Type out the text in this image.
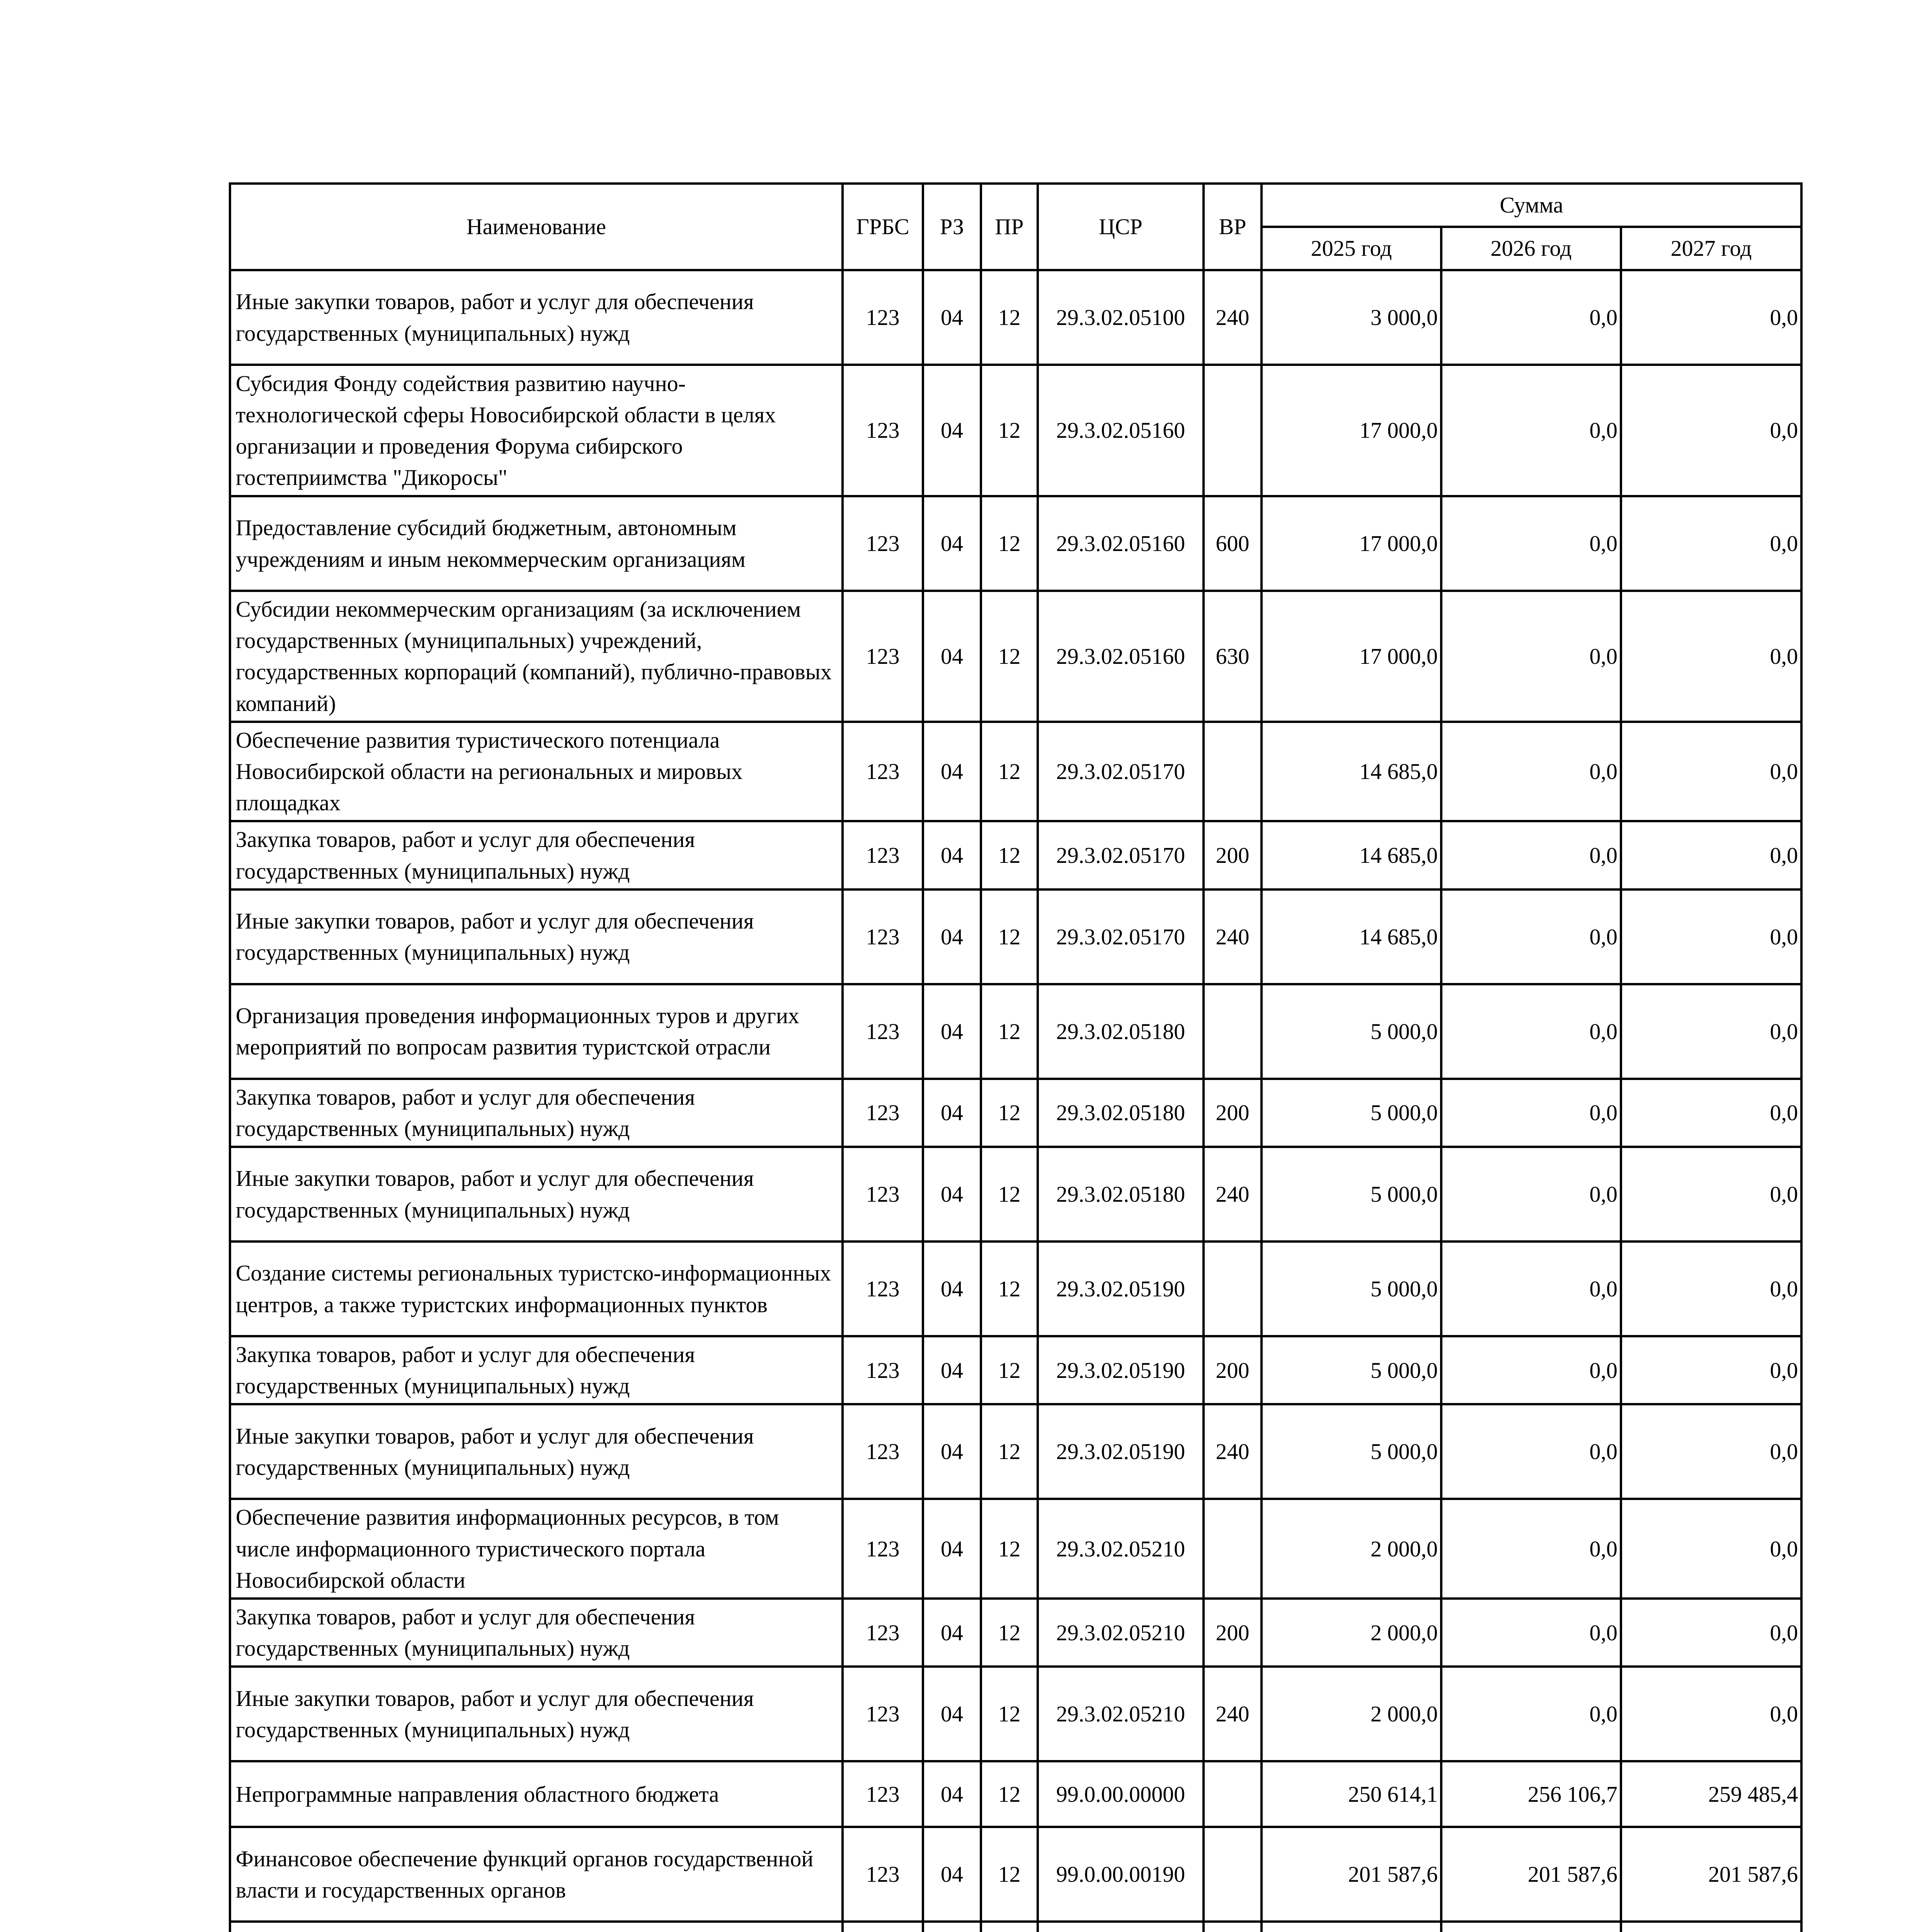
Наименование	ГРБС	РЗ	ПР	ЦСР	ВР	Сумма		
						2025 год	2026 год	2027 год
Иные закупки товаров, работ и услуг для обеспечения государственных (муниципальных) нужд	123	04	12	29.3.02.05100	240	3 000,0	0,0	0,0
Субсидия Фонду содействия развитию научно-технологической сферы Новосибирской области в целях организации и проведения Форума сибирского гостеприимства "Дикоросы"	123	04	12	29.3.02.05160		17 000,0	0,0	0,0
Предоставление субсидий бюджетным, автономным учреждениям и иным некоммерческим организациям	123	04	12	29.3.02.05160	600	17 000,0	0,0	0,0
Субсидии некоммерческим организациям (за исключением государственных (муниципальных) учреждений, государственных корпораций (компаний), публично-правовых компаний)	123	04	12	29.3.02.05160	630	17 000,0	0,0	0,0
Обеспечение развития туристического потенциала Новосибирской области на региональных и мировых площадках	123	04	12	29.3.02.05170		14 685,0	0,0	0,0
Закупка товаров, работ и услуг для обеспечения государственных (муниципальных) нужд	123	04	12	29.3.02.05170	200	14 685,0	0,0	0,0
Иные закупки товаров, работ и услуг для обеспечения государственных (муниципальных) нужд	123	04	12	29.3.02.05170	240	14 685,0	0,0	0,0
Организация проведения информационных туров и других мероприятий по вопросам развития туристской отрасли	123	04	12	29.3.02.05180		5 000,0	0,0	0,0
Закупка товаров, работ и услуг для обеспечения государственных (муниципальных) нужд	123	04	12	29.3.02.05180	200	5 000,0	0,0	0,0
Иные закупки товаров, работ и услуг для обеспечения государственных (муниципальных) нужд	123	04	12	29.3.02.05180	240	5 000,0	0,0	0,0
Создание системы региональных туристско-информационных центров, а также туристских информационных пунктов	123	04	12	29.3.02.05190		5 000,0	0,0	0,0
Закупка товаров, работ и услуг для обеспечения государственных (муниципальных) нужд	123	04	12	29.3.02.05190	200	5 000,0	0,0	0,0
Иные закупки товаров, работ и услуг для обеспечения государственных (муниципальных) нужд	123	04	12	29.3.02.05190	240	5 000,0	0,0	0,0
Обеспечение развития информационных ресурсов, в том числе информационного туристического портала Новосибирской области	123	04	12	29.3.02.05210		2 000,0	0,0	0,0
Закупка товаров, работ и услуг для обеспечения государственных (муниципальных) нужд	123	04	12	29.3.02.05210	200	2 000,0	0,0	0,0
Иные закупки товаров, работ и услуг для обеспечения государственных (муниципальных) нужд	123	04	12	29.3.02.05210	240	2 000,0	0,0	0,0
Непрограммные направления областного бюджета	123	04	12	99.0.00.00000		250 614,1	256 106,7	259 485,4
Финансовое обеспечение функций органов государственной власти и государственных органов	123	04	12	99.0.00.00190		201 587,6	201 587,6	201 587,6
